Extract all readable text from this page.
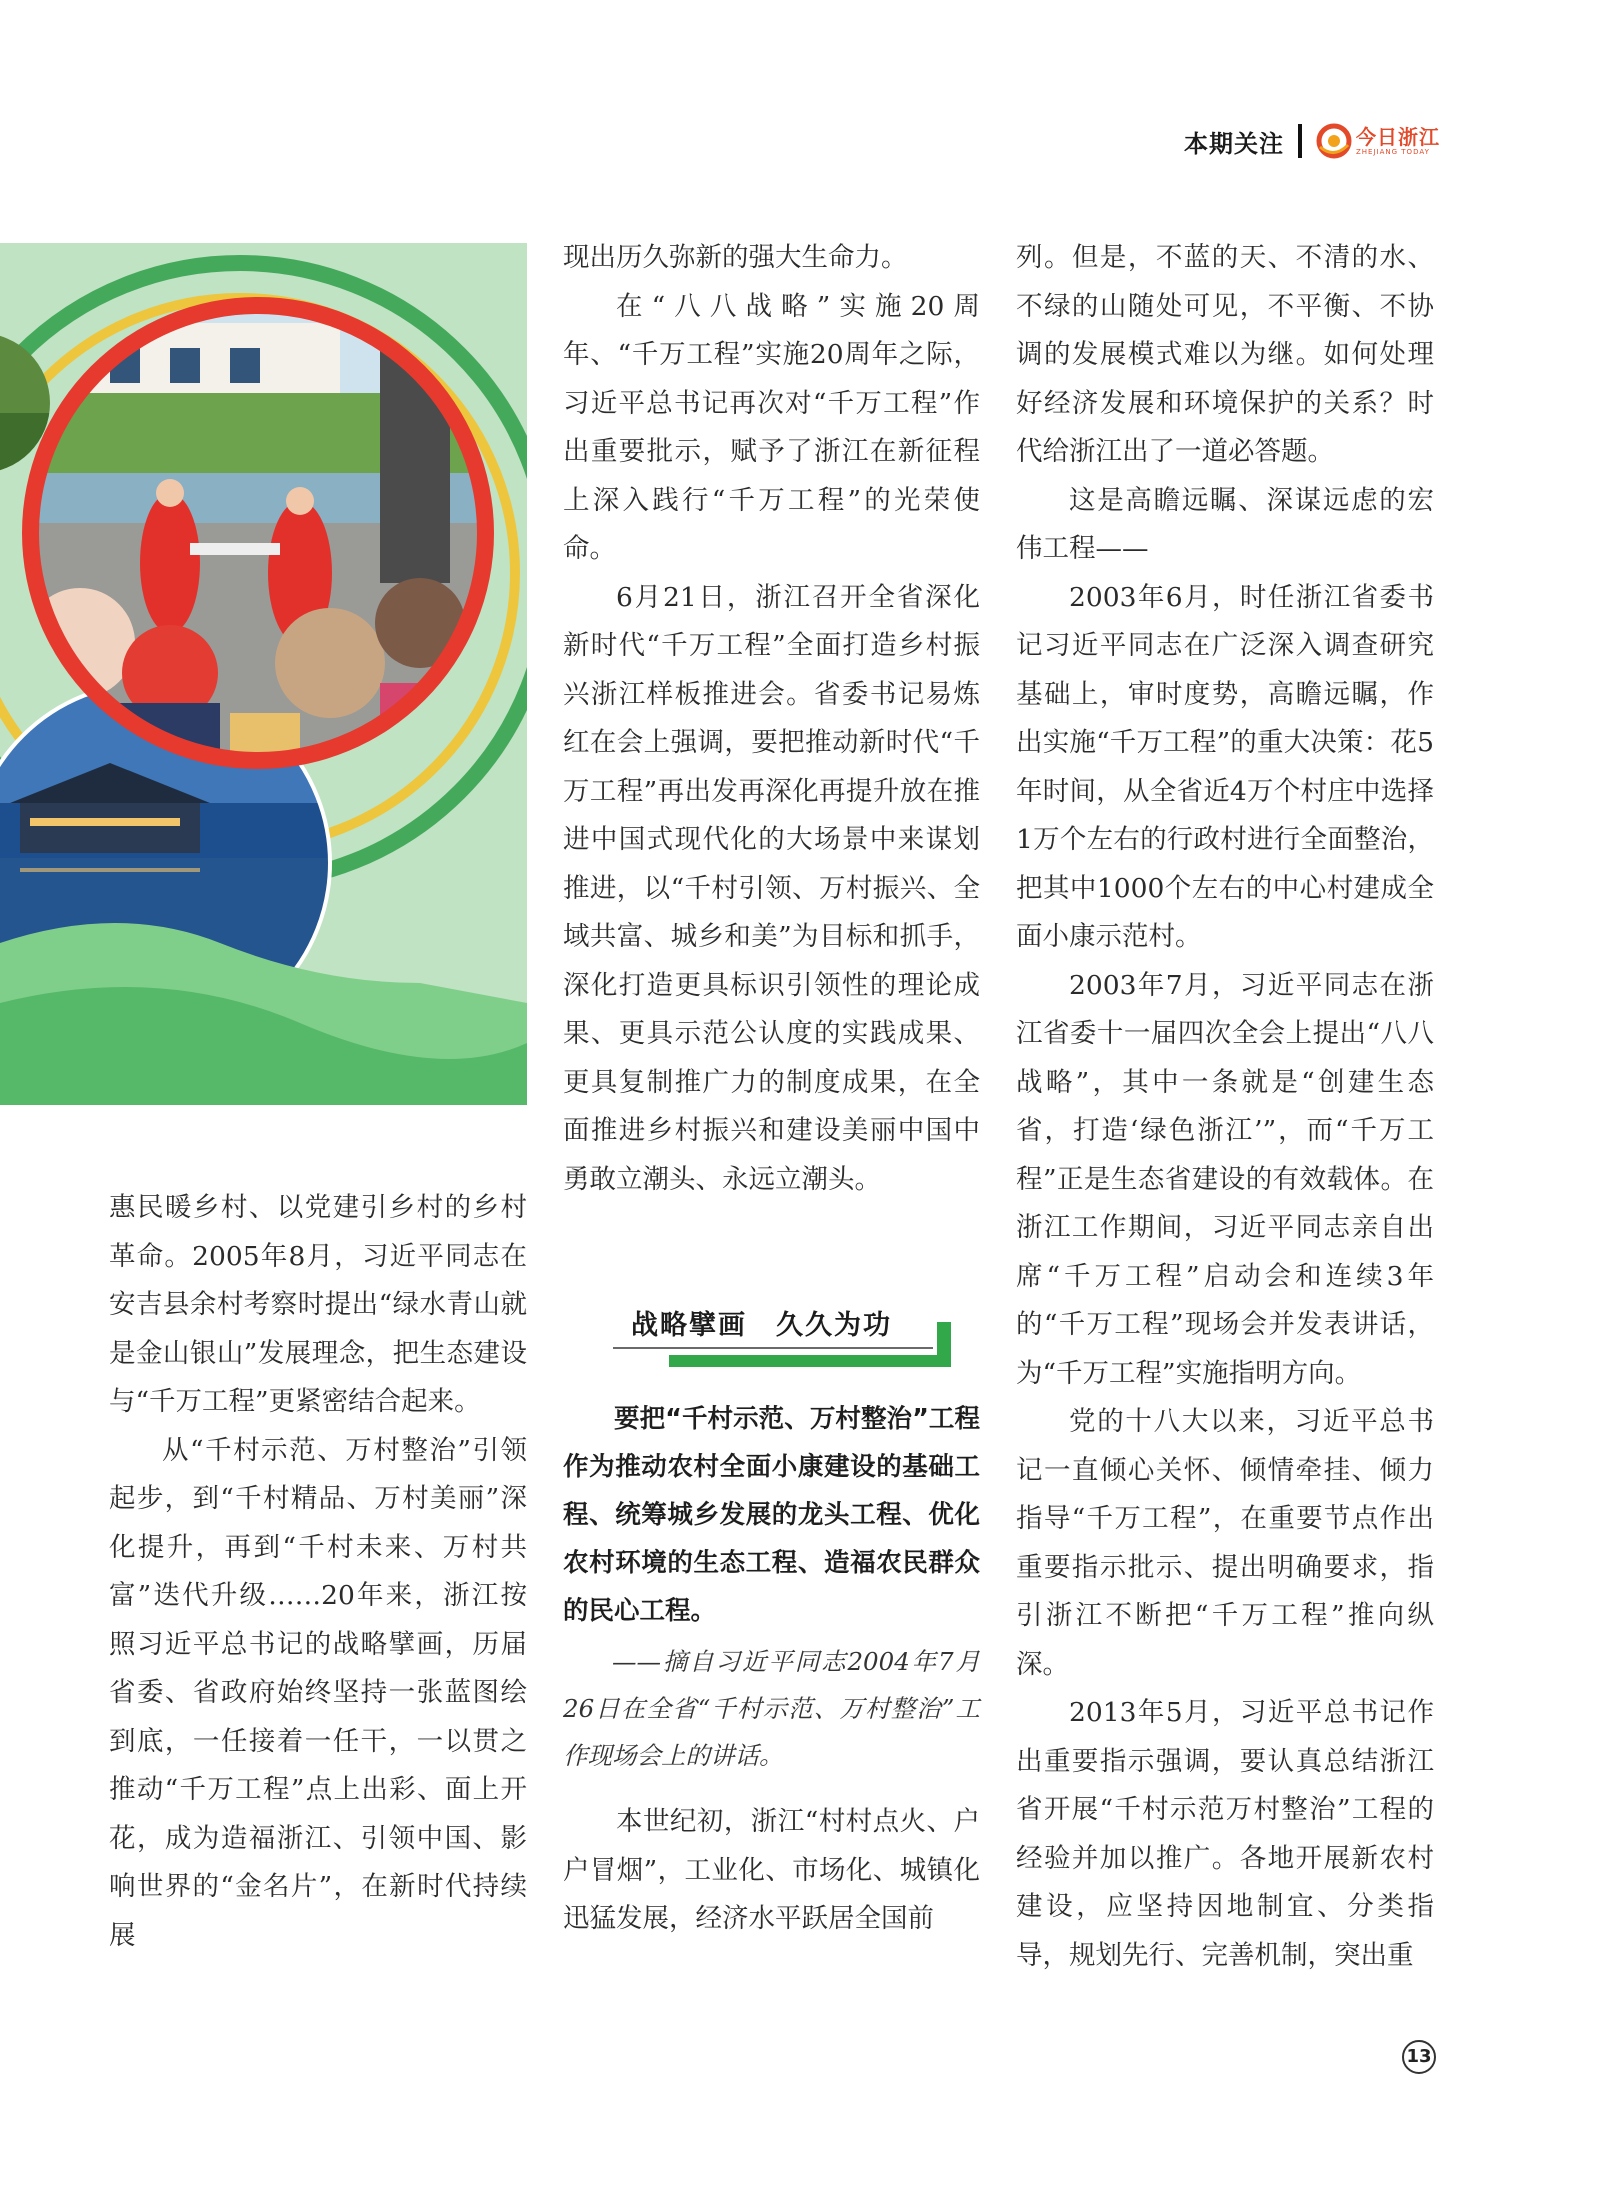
本期关注	今日浙江
ZHEJIANG TODAY

惠民暖乡村、以党建引乡村的乡村革命。2005年8月，习近平同志在安吉县余村考察时提出“绿水青山就是金山银山”发展理念，把生态建设与“千万工程”更紧密结合起来。

从“千村示范、万村整治”引领起步，到“千村精品、万村美丽”深化提升，再到“千村未来、万村共富”迭代升级……20年来，浙江按照习近平总书记的战略擘画，历届省委、省政府始终坚持一张蓝图绘到底，一任接着一任干，一以贯之推动“千万工程”点上出彩、面上开花，成为造福浙江、引领中国、影响世界的“金名片”，在新时代持续展

现出历久弥新的强大生命力。

在“八八战略”实施20周年、“千万工程”实施20周年之际，习近平总书记再次对“千万工程”作出重要批示，赋予了浙江在新征程上深入践行“千万工程”的光荣使命。

6月21日，浙江召开全省深化新时代“千万工程”全面打造乡村振兴浙江样板推进会。省委书记易炼红在会上强调，要把推动新时代“千万工程”再出发再深化再提升放在推进中国式现代化的大场景中来谋划推进，以“千村引领、万村振兴、全域共富、城乡和美”为目标和抓手，深化打造更具标识引领性的理论成果、更具示范公认度的实践成果、更具复制推广力的制度成果，在全面推进乡村振兴和建设美丽中国中勇敢立潮头、永远立潮头。

战略擘画　久久为功
要把“千村示范、万村整治”工程作为推动农村全面小康建设的基础工程、统筹城乡发展的龙头工程、优化农村环境的生态工程、造福农民群众的民心工程。
——摘自习近平同志2004年7月26日在全省“千村示范、万村整治”工作现场会上的讲话。

本世纪初，浙江“村村点火、户户冒烟”，工业化、市场化、城镇化迅猛发展，经济水平跃居全国前

列。但是，不蓝的天、不清的水、不绿的山随处可见，不平衡、不协调的发展模式难以为继。如何处理好经济发展和环境保护的关系？时代给浙江出了一道必答题。

这是高瞻远瞩、深谋远虑的宏伟工程——

2003年6月，时任浙江省委书记习近平同志在广泛深入调查研究基础上，审时度势，高瞻远瞩，作出实施“千万工程”的重大决策：花5年时间，从全省近4万个村庄中选择1万个左右的行政村进行全面整治，把其中1000个左右的中心村建成全面小康示范村。

2003年7月，习近平同志在浙江省委十一届四次全会上提出“八八战略”，其中一条就是“创建生态省，打造‘绿色浙江’”，而“千万工程”正是生态省建设的有效载体。在浙江工作期间，习近平同志亲自出席“千万工程”启动会和连续3年的“千万工程”现场会并发表讲话，为“千万工程”实施指明方向。

党的十八大以来，习近平总书记一直倾心关怀、倾情牵挂、倾力指导“千万工程”，在重要节点作出重要指示批示、提出明确要求，指引浙江不断把“千万工程”推向纵深。

2013年5月，习近平总书记作出重要指示强调，要认真总结浙江省开展“千村示范万村整治”工程的经验并加以推广。各地开展新农村建设，应坚持因地制宜、分类指导，规划先行、完善机制，突出重

13
